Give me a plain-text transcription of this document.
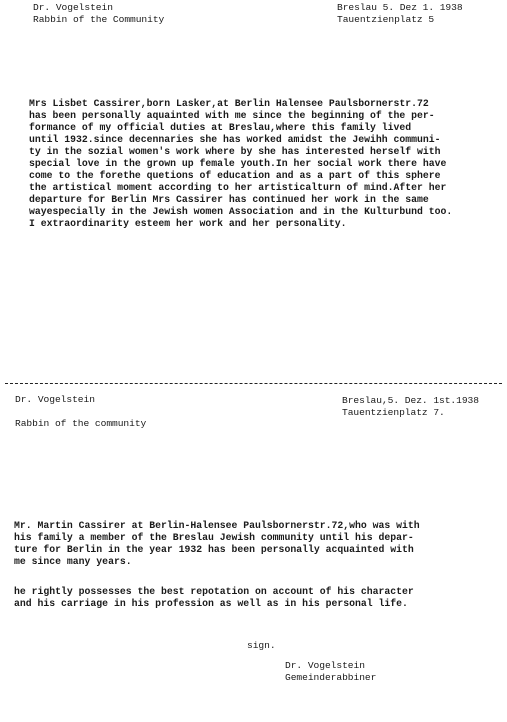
Dr. Vogelstein
Rabbin of the Community
Breslau 5. Dez 1. 1938
Tauentzienplatz 5
Mrs Lisbet Cassirer,born Lasker,at Berlin Halensee Paulsbornerstr.72
has been personally aquainted with me since the beginning of the per-
formance of my official duties at Breslau,where this family lived
until 1932.since decennaries she has worked amidst the Jewihh communi-
ty in the sozial women's work where by she has interested herself with
special love in the grown up female youth.In her social work there have
come to the forethe quetions of education and as a part of this sphere
the artistical moment according to her artisticalturn of mind.After her
departure for Berlin Mrs Cassirer has continued her work in the same
wayespecially in the Jewish women Association and in the Kulturbund too.
I extraordinarity esteem her work and her personality.
Dr. Vogelstein
Rabbin of the community
Breslau,5. Dez. 1st.1938
Tauentzienplatz 7.
Mr. Martin Cassirer at Berlin-Halensee Paulsbornerstr.72,who was with
his family a member of the Breslau Jewish community until his depar-
ture for Berlin in the year 1932 has been personally acquainted with
me since many years.
he rightly possesses the best repotation on account of his character
and his carriage in his profession as well as in his personal life.
sign.
Dr. Vogelstein
Gemeinderabbiner
